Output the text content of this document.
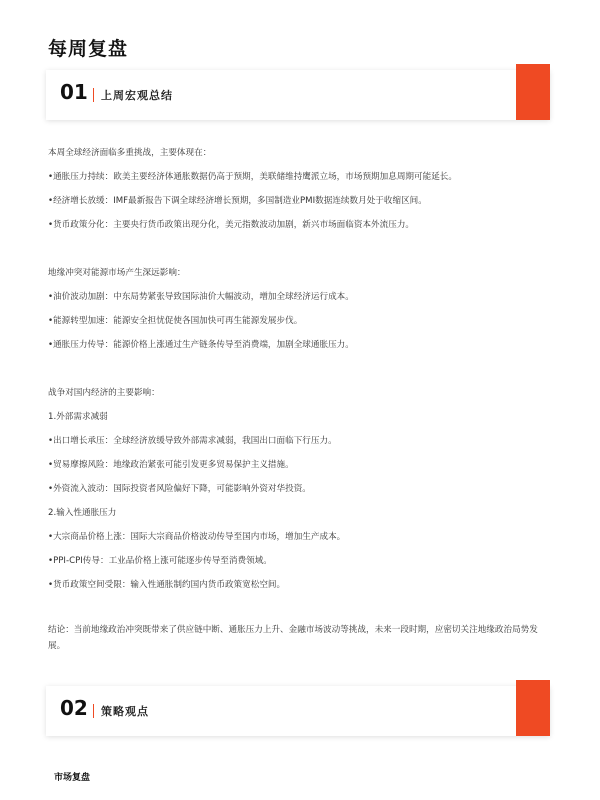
每周复盘
01 上周宏观总结

本周全球经济面临多重挑战，主要体现在：

•通胀压力持续：欧美主要经济体通胀数据仍高于预期，美联储维持鹰派立场，市场预期加息周期可能延长。

•经济增长放缓：IMF最新报告下调全球经济增长预期，多国制造业PMI数据连续数月处于收缩区间。

•货币政策分化：主要央行货币政策出现分化，美元指数波动加剧，新兴市场面临资本外流压力。

地缘冲突对能源市场产生深远影响：

•油价波动加剧：中东局势紧张导致国际油价大幅波动，增加全球经济运行成本。

•能源转型加速：能源安全担忧促使各国加快可再生能源发展步伐。

•通胀压力传导：能源价格上涨通过生产链条传导至消费端，加剧全球通胀压力。

战争对国内经济的主要影响：

1.外部需求减弱

•出口增长承压：全球经济放缓导致外部需求减弱，我国出口面临下行压力。

•贸易摩擦风险：地缘政治紧张可能引发更多贸易保护主义措施。

•外资流入波动：国际投资者风险偏好下降，可能影响外资对华投资。

2.输入性通胀压力

•大宗商品价格上涨：国际大宗商品价格波动传导至国内市场，增加生产成本。

•PPI-CPI传导：工业品价格上涨可能逐步传导至消费领域。

•货币政策空间受限：输入性通胀制约国内货币政策宽松空间。

结论：当前地缘政治冲突既带来了供应链中断、通胀压力上升、金融市场波动等挑战，未来一段时期，应密切关注地缘政治局势发展。

02 策略观点
市场复盘
